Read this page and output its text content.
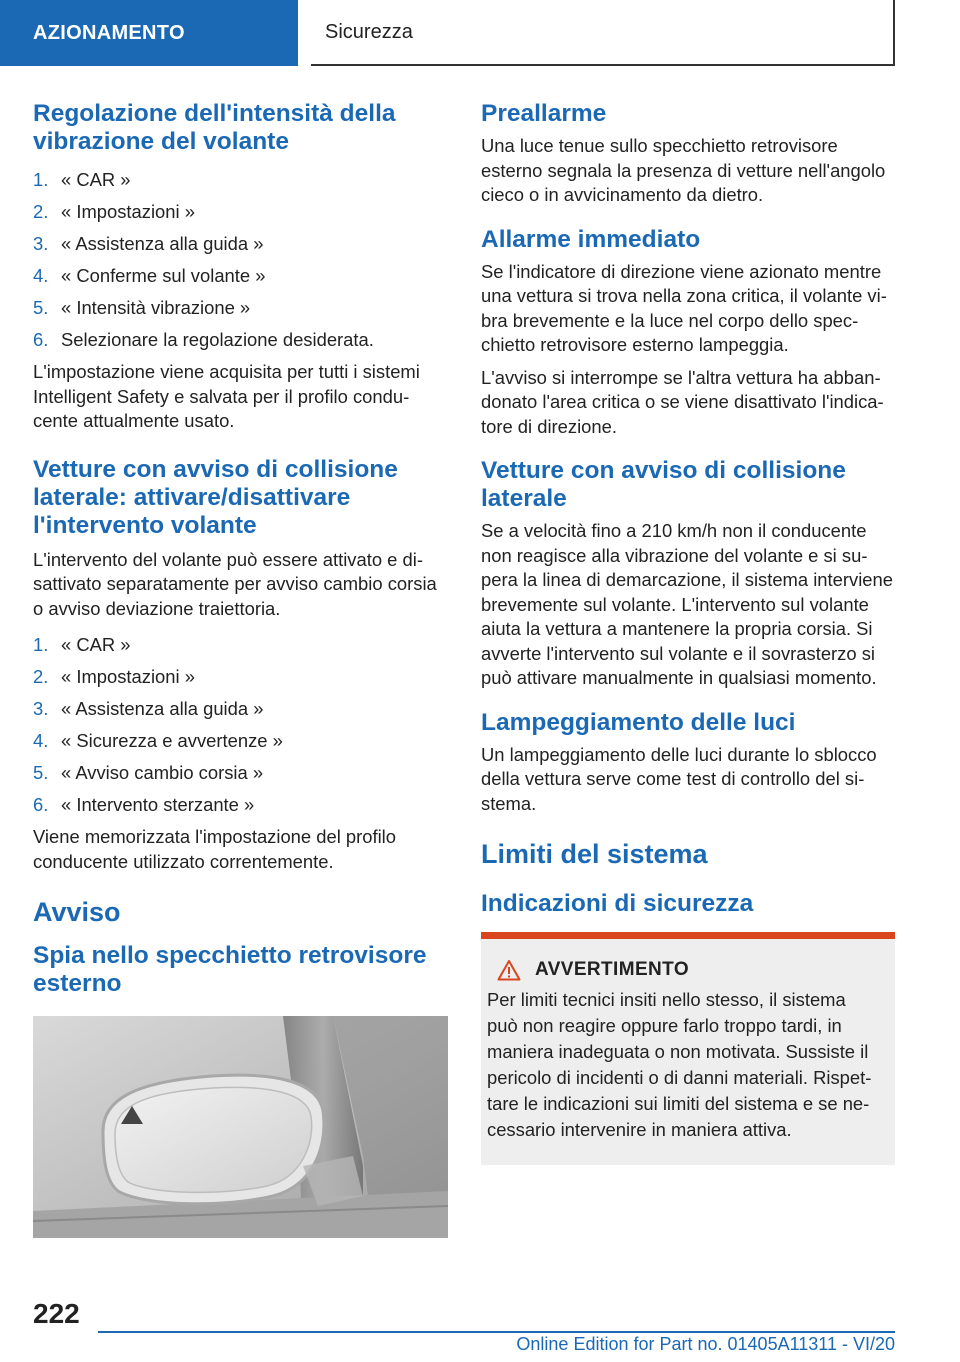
AZIONAMENTO	Sicurezza
Regolazione dell'intensità della vibrazione del volante
1. « CAR »
2. « Impostazioni »
3. « Assistenza alla guida »
4. « Conferme sul volante »
5. « Intensità vibrazione »
6. Selezionare la regolazione desiderata.

L'impostazione viene acquisita per tutti i sistemi Intelligent Safety e salvata per il profilo conducente attualmente usato.

Vetture con avviso di collisione laterale: attivare/disattivare l'intervento volante

L'intervento del volante può essere attivato e disattivato separatamente per avviso cambio corsia o avviso deviazione traiettoria.

1. « CAR »
2. « Impostazioni »
3. « Assistenza alla guida »
4. « Sicurezza e avvertenze »
5. « Avviso cambio corsia »
6. « Intervento sterzante »

Viene memorizzata l'impostazione del profilo conducente utilizzato correntemente.

Avviso
Spia nello specchietto retrovisore esterno
Preallarme

Una luce tenue sullo specchietto retrovisore esterno segnala la presenza di vetture nell'angolo cieco o in avvicinamento da dietro.

Allarme immediato

Se l'indicatore di direzione viene azionato mentre una vettura si trova nella zona critica, il volante vibra brevemente e la luce nel corpo dello specchietto retrovisore esterno lampeggia.

L'avviso si interrompe se l'altra vettura ha abbandonato l'area critica o se viene disattivato l'indicatore di direzione.

Vetture con avviso di collisione laterale

Se a velocità fino a 210 km/h non il conducente non reagisce alla vibrazione del volante e si supera la linea di demarcazione, il sistema interviene brevemente sul volante. L'intervento sul volante aiuta la vettura a mantenere la propria corsia. Si avverte l'intervento sul volante e il sovrasterzo si può attivare manualmente in qualsiasi momento.

Lampeggiamento delle luci

Un lampeggiamento delle luci durante lo sblocco della vettura serve come test di controllo del sistema.

Limiti del sistema
Indicazioni di sicurezza
AVVERTIMENTO

Per limiti tecnici insiti nello stesso, il sistema può non reagire oppure farlo troppo tardi, in maniera inadeguata o non motivata. Sussiste il pericolo di incidenti o di danni materiali. Rispettare le indicazioni sui limiti del sistema e se necessario intervenire in maniera attiva.

222
Online Edition for Part no. 01405A11311 - VI/20
